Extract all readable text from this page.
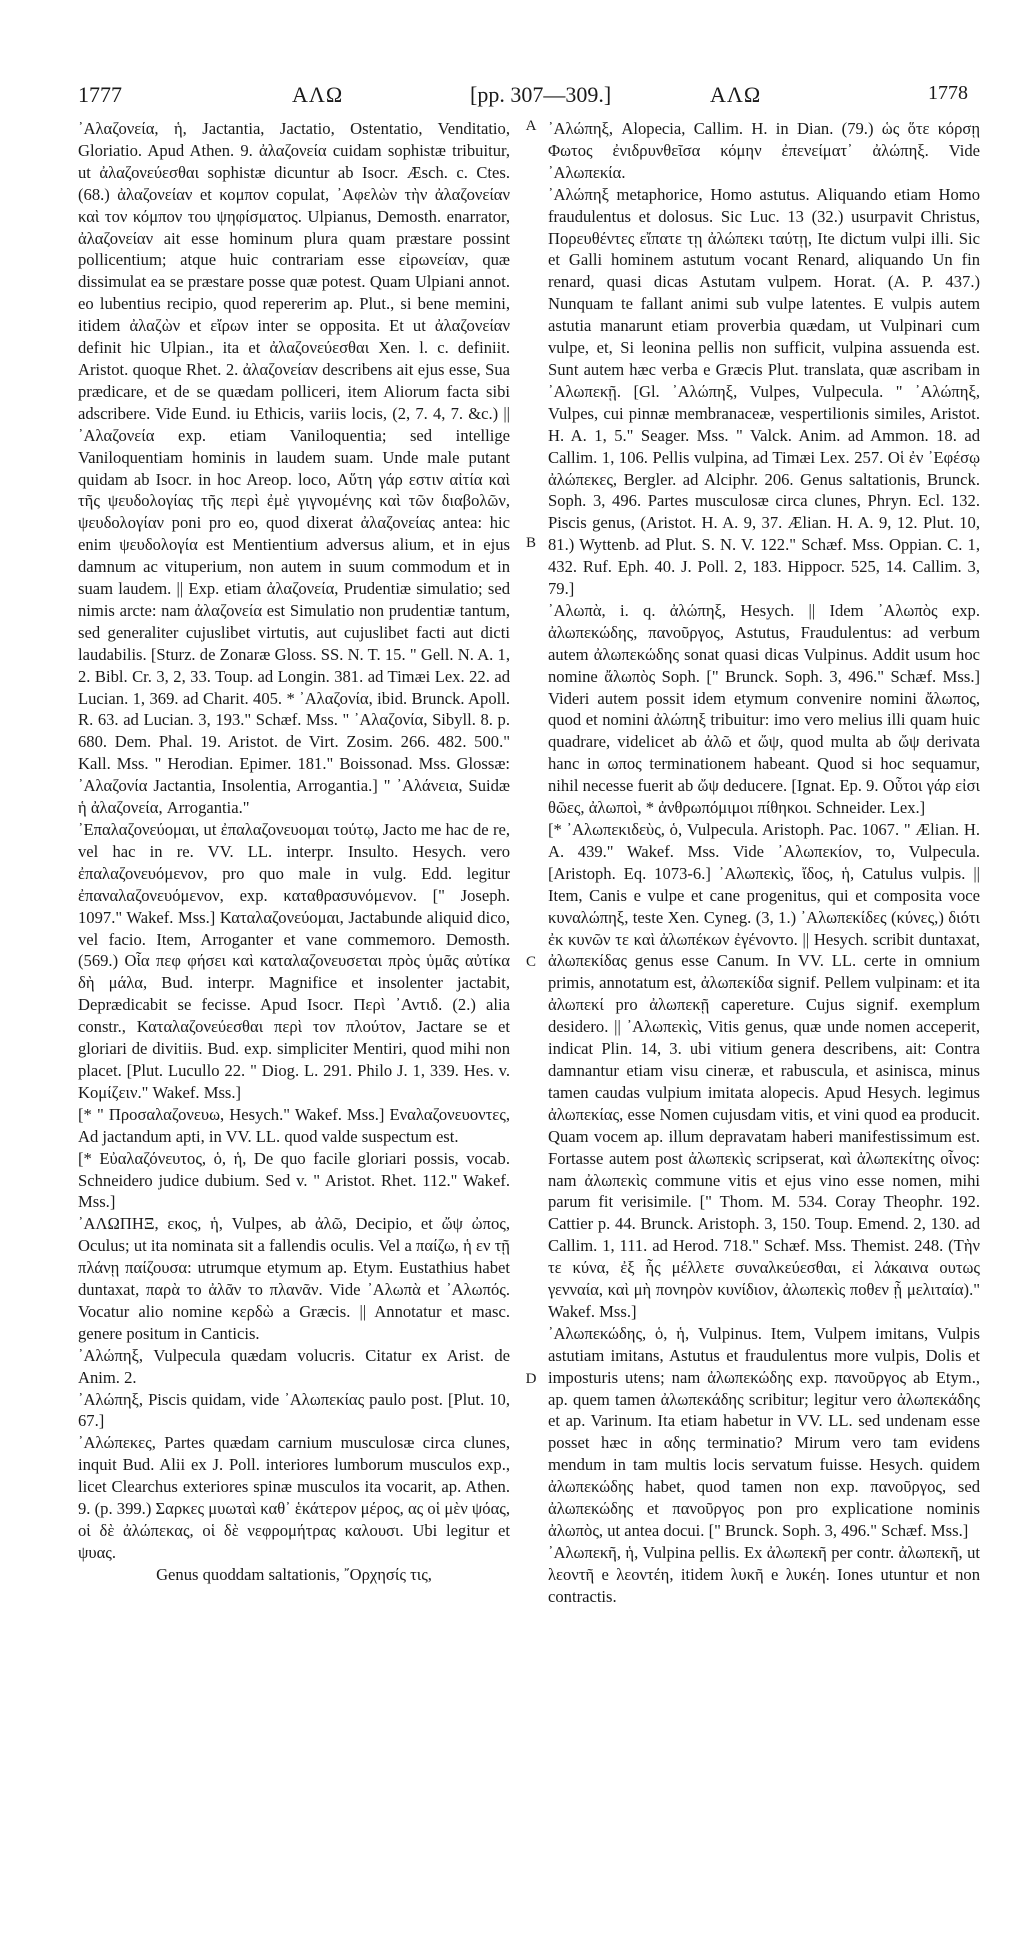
1777	ΑΛΩ	[pp. 307—309.]	ΑΛΩ	1778
A
B
C
D

᾿Αλαζονεία, ἡ, Jactantia, Jactatio, Ostentatio, Venditatio, Gloriatio. Apud Athen. 9. ἀλαζονεία cuidam sophistæ tribuitur, ut ἀλαζονεύεσθαι sophistæ dicuntur ab Isocr. Æsch. c. Ctes. (68.) ἀλαζονείαν et κομπον copulat, ᾿Αφελὼν τὴν ἀλαζονείαν καὶ τον κόμπον του ψηφίσματος. Ulpianus, Demosth. enarrator, ἀλαζονείαν ait esse hominum plura quam præstare possint pollicentium; atque huic contrariam esse εἰρωνείαν, quæ dissimulat ea se præstare posse quæ potest. Quam Ulpiani annot. eo lubentius recipio, quod repererim ap. Plut., si bene memini, itidem ἀλαζὼν et εἴρων inter se opposita. Et ut ἀλαζονείαν definit hic Ulpian., ita et ἀλαζονεύεσθαι Xen. l. c. definiit. Aristot. quoque Rhet. 2. ἀλαζονείαν describens ait ejus esse, Sua prædicare, et de se quædam polliceri, item Aliorum facta sibi adscribere. Vide Eund. iu Ethicis, variis locis, (2, 7. 4, 7. &c.) || ᾿Αλαζονεία exp. etiam Vaniloquentia; sed intellige Vaniloquentiam hominis in laudem suam. Unde male putant quidam ab Isocr. in hoc Areop. loco, Αὕτη γάρ εστιν αἰτία καὶ τῆς ψευδολογίας τῆς περὶ ἐμὲ γιγνομένης καὶ τῶν διαβολῶν, ψευδολογίαν poni pro eo, quod dixerat ἀλαζονείας antea: hic enim ψευδολογία est Mentientium adversus alium, et in ejus damnum ac vituperium, non autem in suum commodum et in suam laudem. || Exp. etiam ἀλαζονεία, Prudentiæ simulatio; sed nimis arcte: nam ἀλαζονεία est Simulatio non prudentiæ tantum, sed generaliter cujuslibet virtutis, aut cujuslibet facti aut dicti laudabilis. [Sturz. de Zonaræ Gloss. SS. N. T. 15. " Gell. N. A. 1, 2. Bibl. Cr. 3, 2, 33. Toup. ad Longin. 381. ad Timæi Lex. 22. ad Lucian. 1, 369. ad Charit. 405. * ᾿Αλαζονία, ibid. Brunck. Apoll. R. 63. ad Lucian. 3, 193." Schæf. Mss. " ᾿Αλαζονία, Sibyll. 8. p. 680. Dem. Phal. 19. Aristot. de Virt. Zosim. 266. 482. 500." Kall. Mss. " Herodian. Epimer. 181." Boissonad. Mss. Glossæ: ᾿Αλαζονία Jactantia, Insolentia, Arrogantia.] " ᾿Αλάνεια, Suidæ ἡ ἀλαζονεία, Arrogantia."

᾿Επαλαζονεύομαι, ut ἐπαλαζονευομαι τούτῳ, Jacto me hac de re, vel hac in re. VV. LL. interpr. Insulto. Hesych. vero ἐπαλαζονευόμενον, pro quo male in vulg. Edd. legitur ἐπαναλαζονευόμενον, exp. καταθρασυνόμενον. [" Joseph. 1097." Wakef. Mss.] Καταλαζονεύομαι, Jactabunde aliquid dico, vel facio. Item, Arroganter et vane commemoro. Demosth. (569.) Οἷα πεφ φήσει καὶ καταλαζονευσεται πρὸς ὑμᾶς αὐτίκα δὴ μάλα, Bud. interpr. Magnifice et insolenter jactabit, Deprædicabit se fecisse. Apud Isocr. Περὶ ᾿Αντιδ. (2.) alia constr., Καταλαζονεύεσθαι περὶ τον πλούτον, Jactare se et gloriari de divitiis. Bud. exp. simpliciter Mentiri, quod mihi non placet. [Plut. Lucullo 22. " Diog. L. 291. Philo J. 1, 339. Hes. v. Κομίζειν." Wakef. Mss.]

[* " Προσαλαζονευω, Hesych." Wakef. Mss.] Εναλαζονευοντες, Ad jactandum apti, in VV. LL. quod valde suspectum est.

[* Εὐαλαζόνευτος, ὁ, ἡ, De quo facile gloriari possis, vocab. Schneidero judice dubium. Sed v. " Aristot. Rhet. 112." Wakef. Mss.]

᾿ΑΛΩΠΗΞ, εκος, ἡ, Vulpes, ab ἀλῶ, Decipio, et ὤψ ὠπος, Oculus; ut ita nominata sit a fallendis oculis. Vel a παίζω, ἡ εν τῇ πλάνῃ παίζουσα: utrumque etymum ap. Etym. Eustathius habet duntaxat, παρὰ το ἀλᾶν το πλανᾶν. Vide ᾿Αλωπὰ et ᾿Αλωπός. Vocatur alio nomine κερδὼ a Græcis. || Annotatur et masc. genere positum in Canticis.

᾿Αλώπηξ, Vulpecula quædam volucris. Citatur ex Arist. de Anim. 2.

᾿Αλώπηξ, Piscis quidam, vide ᾿Αλωπεκίας paulo post. [Plut. 10, 67.]

᾿Αλώπεκες, Partes quædam carnium musculosæ circa clunes, inquit Bud. Alii ex J. Poll. interiores lumborum musculos exp., licet Clearchus exteriores spinæ musculos ita vocarit, ap. Athen. 9. (p. 399.) Σαρκες μυωταὶ καθ᾿ ἑκάτερον μέρος, ας οἱ μὲν ψόας, οἱ δὲ ἀλώπεκας, οἱ δὲ νεφρομήτρας καλουσι. Ubi legitur et ψυας.

Genus quoddam saltationis, ῎Ορχησίς τις,

᾿Αλώπηξ, Alopecia, Callim. H. in Dian. (79.) ὡς ὅτε κόρσῃ Φωτος ἐνιδρυνθεῖσα κόμην ἐπενείματ᾿ ἀλώπηξ. Vide ᾿Αλωπεκία.

᾿Αλώπηξ metaphorice, Homo astutus. Aliquando etiam Homo fraudulentus et dolosus. Sic Luc. 13 (32.) usurpavit Christus, Πορευθέντες εἴπατε τῃ ἀλώπεκι ταύτῃ, Ite dictum vulpi illi. Sic et Galli hominem astutum vocant Renard, aliquando Un fin renard, quasi dicas Astutam vulpem. Horat. (A. P. 437.) Nunquam te fallant animi sub vulpe latentes. E vulpis autem astutia manarunt etiam proverbia quædam, ut Vulpinari cum vulpe, et, Si leonina pellis non sufficit, vulpina assuenda est. Sunt autem hæc verba e Græcis Plut. translata, quæ ascribam in ᾿Αλωπεκῇ. [Gl. ᾿Αλώπηξ, Vulpes, Vulpecula. " ᾿Αλώπηξ, Vulpes, cui pinnæ membranaceæ, vespertilionis similes, Aristot. H. A. 1, 5." Seager. Mss. " Valck. Anim. ad Ammon. 18. ad Callim. 1, 106. Pellis vulpina, ad Timæi Lex. 257. Οἱ ἐν ᾿Εφέσῳ ἀλώπεκες, Bergler. ad Alciphr. 206. Genus saltationis, Brunck. Soph. 3, 496. Partes musculosæ circa clunes, Phryn. Ecl. 132. Piscis genus, (Aristot. H. A. 9, 37. Ælian. H. A. 9, 12. Plut. 10, 81.) Wyttenb. ad Plut. S. N. V. 122." Schæf. Mss. Oppian. C. 1, 432. Ruf. Eph. 40. J. Poll. 2, 183. Hippocr. 525, 14. Callim. 3, 79.]

᾿Αλωπὰ, i. q. ἀλώπηξ, Hesych. || Idem ᾿Αλωπὸς exp. ἀλωπεκώδης, πανοῦργος, Astutus, Fraudulentus: ad verbum autem ἀλωπεκώδης sonat quasi dicas Vulpinus. Addit usum hoc nomine ἄλωπὸς Soph. [" Brunck. Soph. 3, 496." Schæf. Mss.] Videri autem possit idem etymum convenire nomini ἄλωπος, quod et nomini ἀλώπηξ tribuitur: imo vero melius illi quam huic quadrare, videlicet ab ἀλῶ et ὤψ, quod multa ab ὤψ derivata hanc in ωπος terminationem habeant. Quod si hoc sequamur, nihil necesse fuerit ab ὤψ deducere. [Ignat. Ep. 9. Οὗτοι γάρ εἰσι θῶες, ἀλωποὶ, * ἀνθρωπόμιμοι πίθηκοι. Schneider. Lex.]

[* ᾿Αλωπεκιδεὺς, ὁ, Vulpecula. Aristoph. Pac. 1067. " Ælian. H. A. 439." Wakef. Mss. Vide ᾿Αλωπεκίον, το, Vulpecula. [Aristoph. Eq. 1073-6.] ᾿Αλωπεκὶς, ἴδος, ἡ, Catulus vulpis. || Item, Canis e vulpe et cane progenitus, qui et composita voce κυναλώπηξ, teste Xen. Cyneg. (3, 1.) ᾿Αλωπεκίδες (κύνες,) διότι ἐκ κυνῶν τε καὶ ἀλωπέκων ἐγένοντο. || Hesych. scribit duntaxat, ἀλωπεκίδας genus esse Canum. In VV. LL. certe in omnium primis, annotatum est, ἀλωπεκίδα signif. Pellem vulpinam: et ita ἀλωπεκί pro ἀλωπεκῇ capereture. Cujus signif. exemplum desidero. || ᾿Αλωπεκὶς, Vitis genus, quæ unde nomen acceperit, indicat Plin. 14, 3. ubi vitium genera describens, ait: Contra damnantur etiam visu cineræ, et rabuscula, et asinisca, minus tamen caudas vulpium imitata alopecis. Apud Hesych. legimus ἀλωπεκίας, esse Nomen cujusdam vitis, et vini quod ea producit. Quam vocem ap. illum depravatam haberi manifestissimum est. Fortasse autem post ἀλωπεκὶς scripserat, καὶ ἀλωπεκίτης οἶνος: nam ἀλωπεκὶς commune vitis et ejus vino esse nomen, mihi parum fit verisimile. [" Thom. M. 534. Coray Theophr. 192. Cattier p. 44. Brunck. Aristoph. 3, 150. Toup. Emend. 2, 130. ad Callim. 1, 111. ad Herod. 718." Schæf. Mss. Themist. 248. (Τὴν τε κύνα, ἐξ ἧς μέλλετε συναλκεύεσθαι, εἰ λάκαινα ουτως γενναία, καὶ μὴ πονηρὸν κυνίδιον, ἀλωπεκὶς ποθεν ᾖ μελιταία)." Wakef. Mss.]

᾿Αλωπεκώδης, ὁ, ἡ, Vulpinus. Item, Vulpem imitans, Vulpis astutiam imitans, Astutus et fraudulentus more vulpis, Dolis et imposturis utens; nam ἀλωπεκώδης exp. πανοῦργος ab Etym., ap. quem tamen ἀλωπεκάδης scribitur; legitur vero ἀλωπεκάδης et ap. Varinum. Ita etiam habetur in VV. LL. sed undenam esse posset hæc in αδης terminatio? Mirum vero tam evidens mendum in tam multis locis servatum fuisse. Hesych. quidem ἀλωπεκώδης habet, quod tamen non exp. πανοῦργος, sed ἀλωπεκώδης et πανοῦργος pon pro explicatione nominis ἀλωπὸς, ut antea docui. [" Brunck. Soph. 3, 496." Schæf. Mss.]

᾿Αλωπεκῆ, ἡ, Vulpina pellis. Ex ἀλωπεκῆ per contr. ἀλωπεκῆ, ut λεοντῆ e λεοντέη, itidem λυκῆ e λυκέη. Iones utuntur et non contractis.
